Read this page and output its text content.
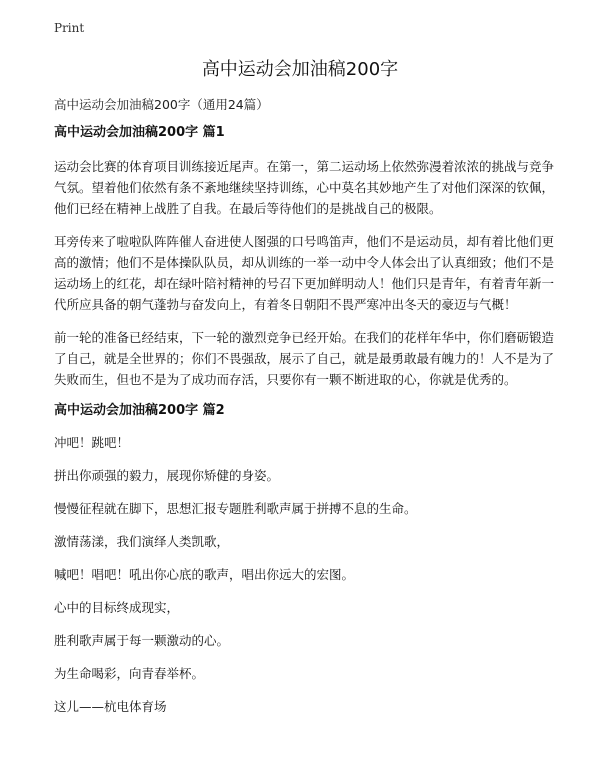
Print
高中运动会加油稿200字
高中运动会加油稿200字（通用24篇）
高中运动会加油稿200字 篇1
运动会比赛的体育项目训练接近尾声。在第一，第二运动场上依然弥漫着浓浓的挑战与竞争气氛。望着他们依然有条不紊地继续坚持训练，心中莫名其妙地产生了对他们深深的钦佩，他们已经在精神上战胜了自我。在最后等待他们的是挑战自己的极限。
耳旁传来了啦啦队阵阵催人奋进使人图强的口号鸣笛声，他们不是运动员，却有着比他们更高的激情；他们不是体操队队员，却从训练的一举一动中令人体会出了认真细致；他们不是运动场上的红花，却在绿叶陪衬精神的号召下更加鲜明动人！他们只是青年，有着青年新一代所应具备的朝气蓬勃与奋发向上，有着冬日朝阳不畏严寒冲出冬天的豪迈与气概！
前一轮的准备已经结束，下一轮的激烈竞争已经开始。在我们的花样年华中，你们磨砺锻造了自己，就是全世界的；你们不畏强敌，展示了自己，就是最勇敢最有魄力的！人不是为了失败而生，但也不是为了成功而存活，只要你有一颗不断进取的心，你就是优秀的。
高中运动会加油稿200字 篇2
冲吧！跳吧！
拼出你顽强的毅力，展现你矫健的身姿。
慢慢征程就在脚下，思想汇报专题胜利歌声属于拼搏不息的生命。
激情荡漾，我们演绎人类凯歌，
喊吧！唱吧！吼出你心底的歌声，唱出你远大的宏图。
心中的目标终成现实，
胜利歌声属于每一颗激动的心。
为生命喝彩，向青春举杯。
这儿——杭电体育场
